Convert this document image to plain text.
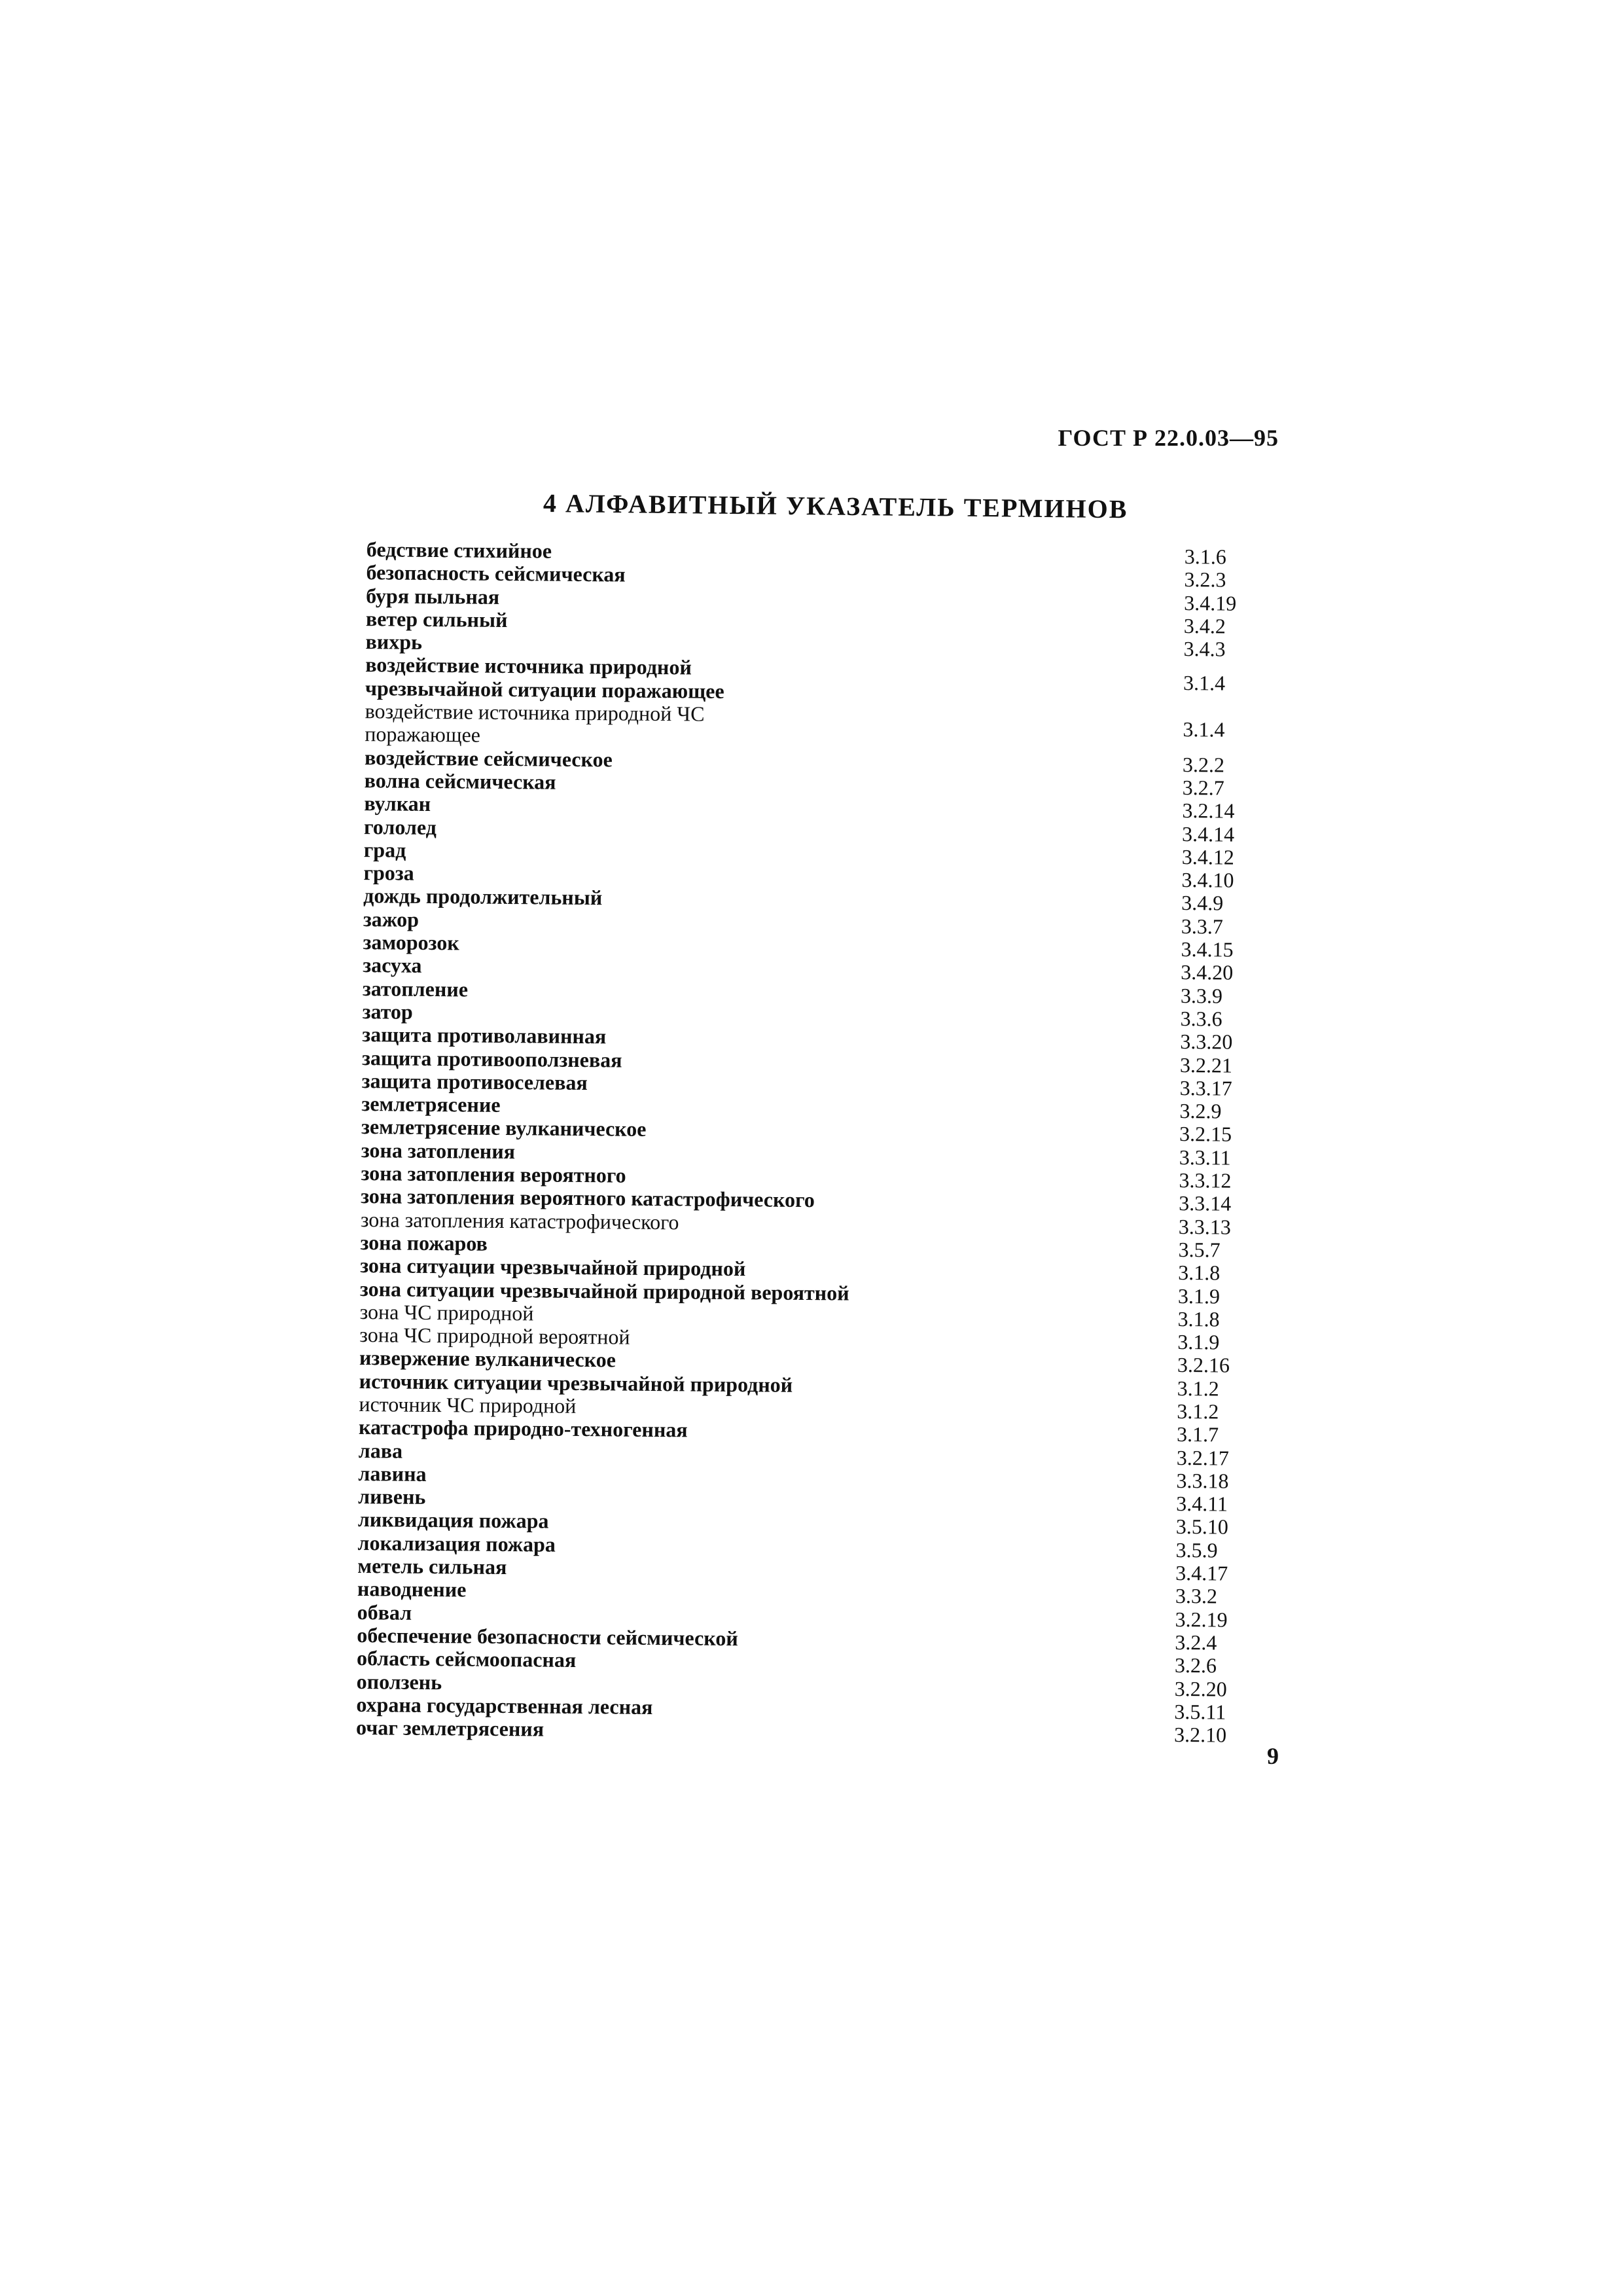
ГОСТ Р 22.0.03—95

4 АЛФАВИТНЫЙ УКАЗАТЕЛЬ ТЕРМИНОВ
бедствие стихийное	3.1.6
безопасность сейсмическая	3.2.3
буря пыльная	3.4.19
ветер сильный	3.4.2
вихрь	3.4.3
воздействие источника природной чрезвычайной ситуации поражающее	3.1.4
воздействие источника природной ЧС поражающее	3.1.4
воздействие сейсмическое	3.2.2
волна сейсмическая	3.2.7
вулкан	3.2.14
гололед	3.4.14
град	3.4.12
гроза	3.4.10
дождь продолжительный	3.4.9
зажор	3.3.7
заморозок	3.4.15
засуха	3.4.20
затопление	3.3.9
затор	3.3.6
защита противолавинная	3.3.20
защита противооползневая	3.2.21
защита противоселевая	3.3.17
землетрясение	3.2.9
землетрясение вулканическое	3.2.15
зона затопления	3.3.11
зона затопления вероятного	3.3.12
зона затопления вероятного катастрофического	3.3.14
зона затопления катастрофического	3.3.13
зона пожаров	3.5.7
зона ситуации чрезвычайной природной	3.1.8
зона ситуации чрезвычайной природной вероятной	3.1.9
зона ЧС природной	3.1.8
зона ЧС природной вероятной	3.1.9
извержение вулканическое	3.2.16
источник ситуации чрезвычайной природной	3.1.2
источник ЧС природной	3.1.2
катастрофа природно-техногенная	3.1.7
лава	3.2.17
лавина	3.3.18
ливень	3.4.11
ликвидация пожара	3.5.10
локализация пожара	3.5.9
метель сильная	3.4.17
наводнение	3.3.2
обвал	3.2.19
обеспечение безопасности сейсмической	3.2.4
область сейсмоопасная	3.2.6
оползень	3.2.20
охрана государственная лесная	3.5.11
очаг землетрясения	3.2.10

9
